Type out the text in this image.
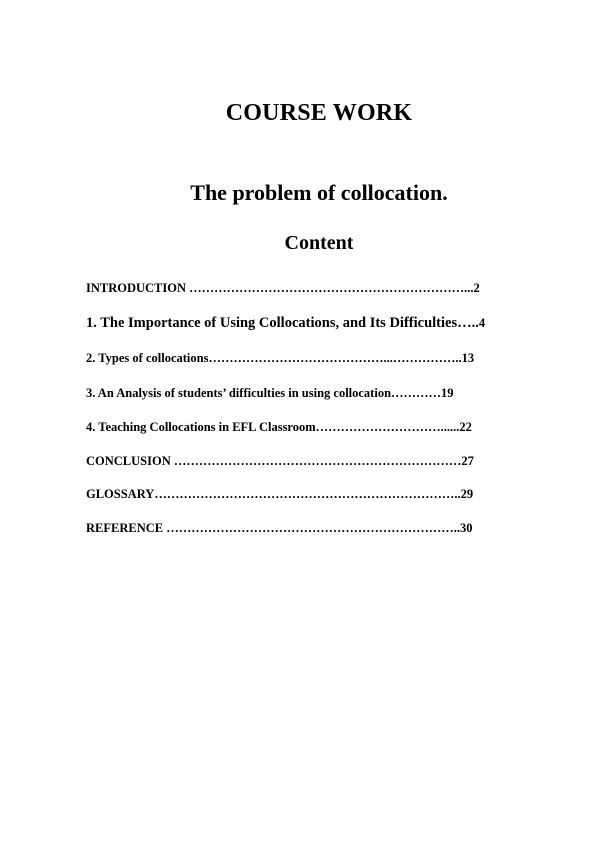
COURSE WORK
The problem of collocation.
Content
INTRODUCTION …………………………………………………………...2
1. The Importance of Using Collocations, and Its Difficulties…..4
2. Types of collocations……………………………………...……………..13
3. An Analysis of students’ difficulties in using collocation…………19
4. Teaching Collocations in EFL Classroom…………………………......22
CONCLUSION ……………………………………………………………27
GLOSSARY………………………………………………………………..29
REFERENCE ……………………………………………………………..30
